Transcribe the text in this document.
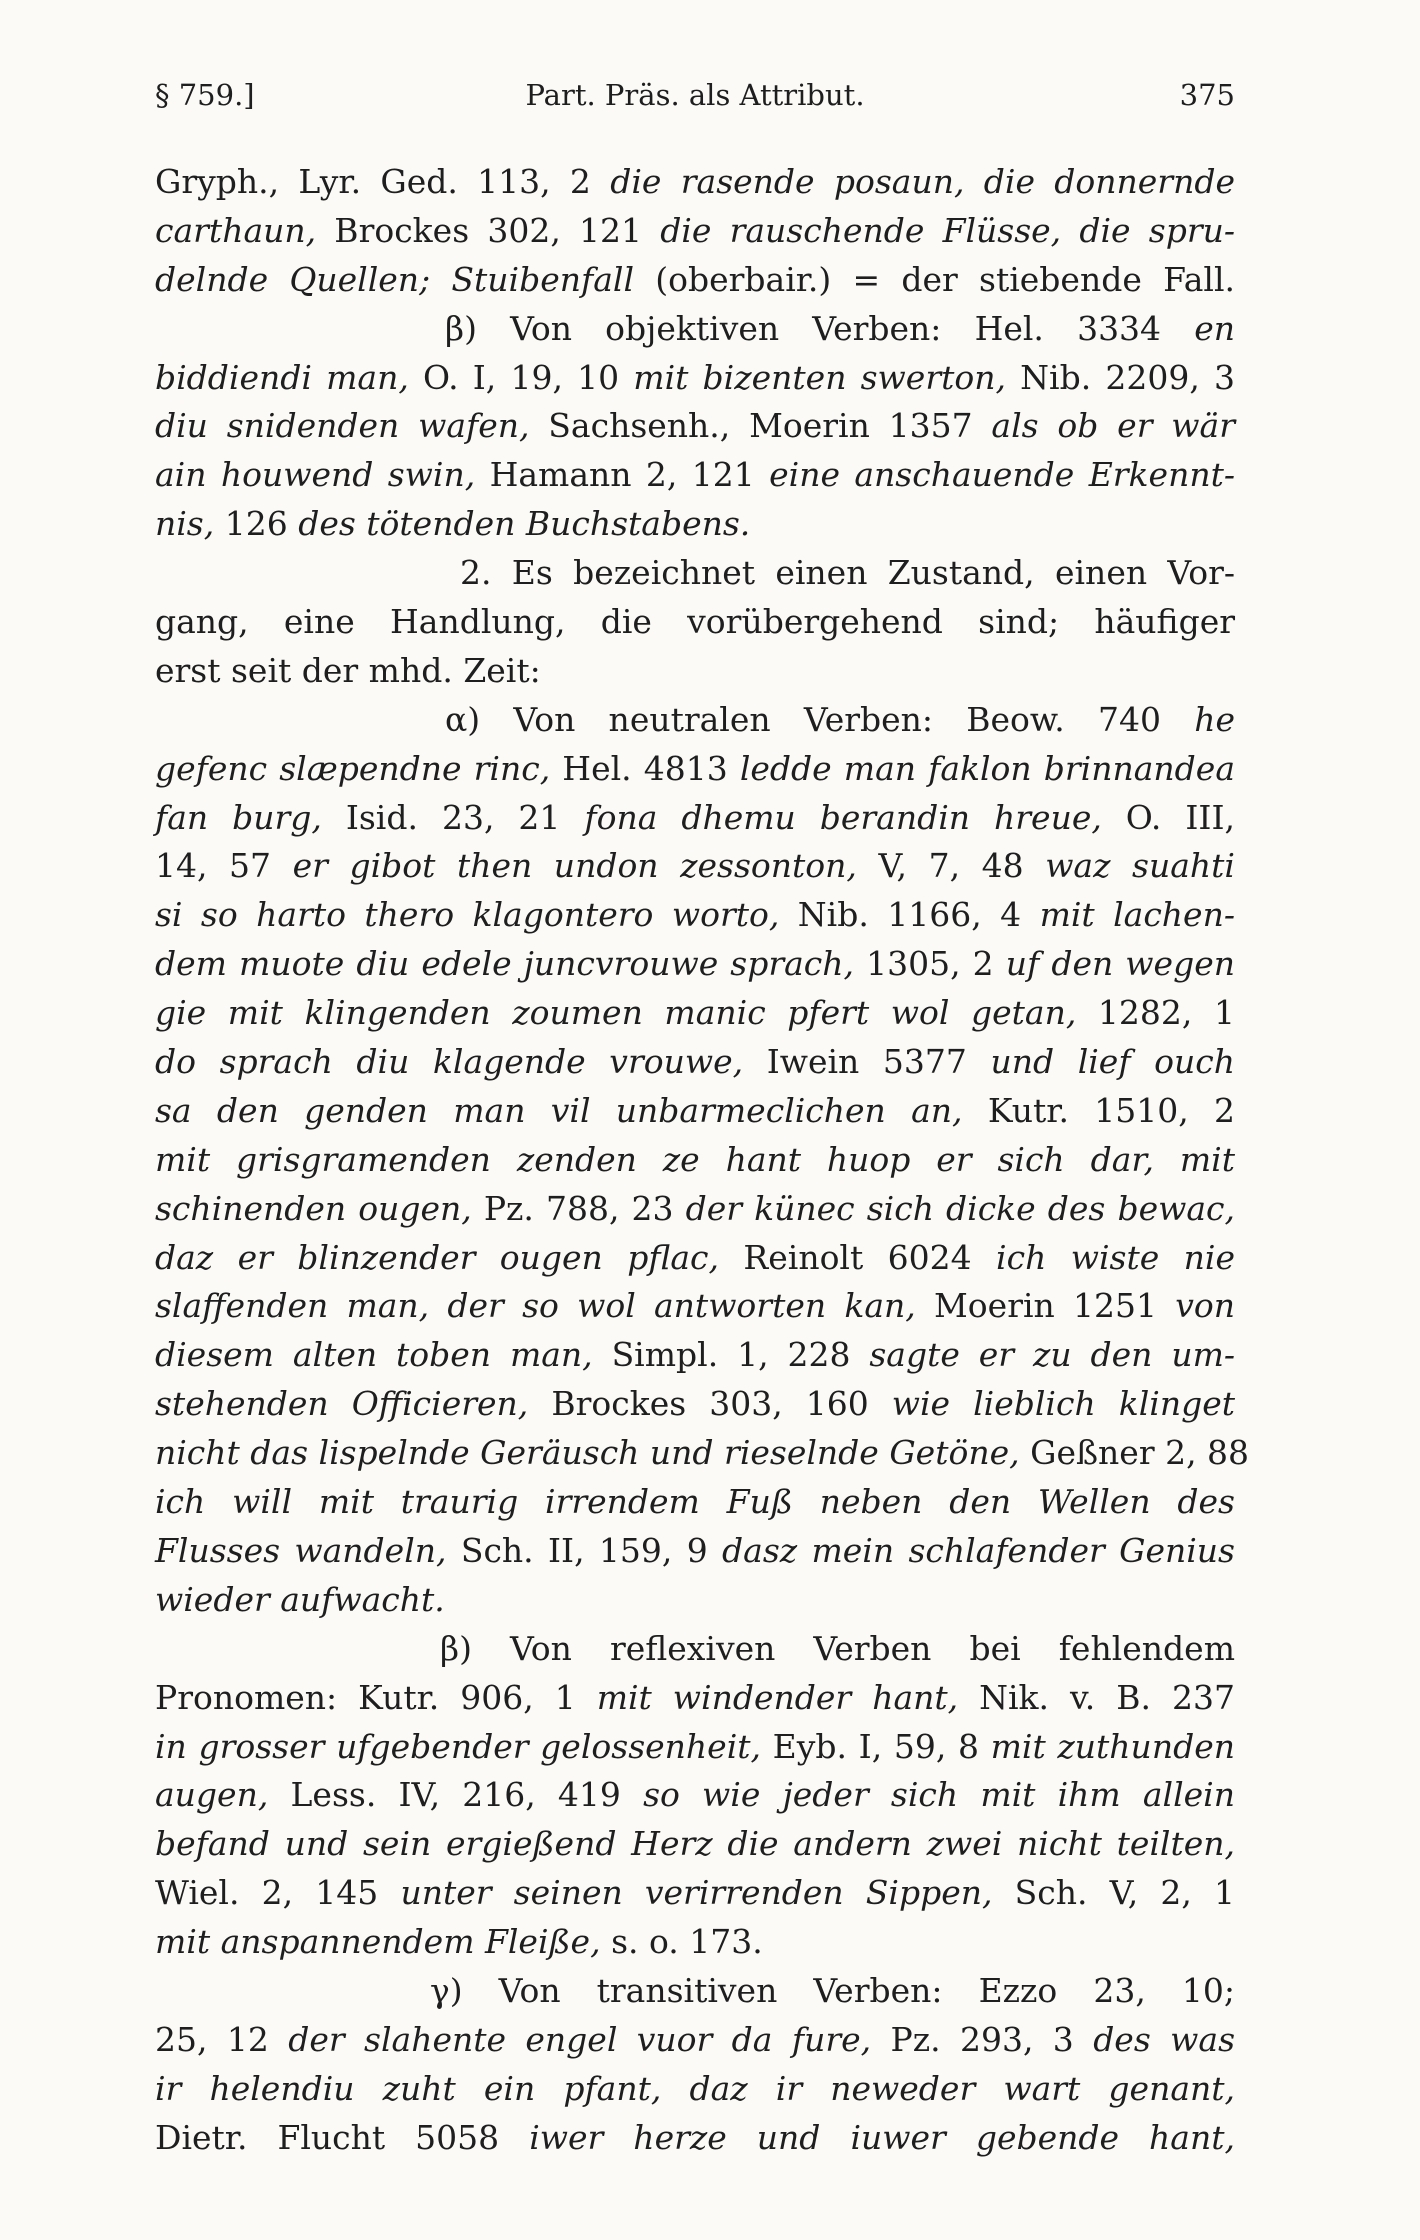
§ 759.]	Part. Präs. als Attribut.	375
Gryph., Lyr. Ged. 113, 2 die rasende posaun, die donnernde
carthaun, Brockes 302, 121 die rauschende Flüsse, die spru-
delnde Quellen; Stuibenfall (oberbair.) = der stiebende Fall.
β) Von objektiven Verben: Hel. 3334 en
biddiendi man, O. I, 19, 10 mit bizenten swerton, Nib. 2209, 3
diu snidenden wafen, Sachsenh., Moerin 1357 als ob er wär
ain houwend swin, Hamann 2, 121 eine anschauende Erkennt-
nis, 126 des tötenden Buchstabens.
2. Es bezeichnet einen Zustand, einen Vor-
gang, eine Handlung, die vorübergehend sind; häufiger
erst seit der mhd. Zeit:
α) Von neutralen Verben: Beow. 740 he
gefenc slæpendne rinc, Hel. 4813 ledde man faklon brinnandea
fan burg, Isid. 23, 21 fona dhemu berandin hreue, O. III,
14, 57 er gibot then undon zessonton, V, 7, 48 waz suahti
si so harto thero klagontero worto, Nib. 1166, 4 mit lachen-
dem muote diu edele juncvrouwe sprach, 1305, 2 uf den wegen
gie mit klingenden zoumen manic pfert wol getan, 1282, 1
do sprach diu klagende vrouwe, Iwein 5377 und lief ouch
sa den genden man vil unbarmeclichen an, Kutr. 1510, 2
mit grisgramenden zenden ze hant huop er sich dar, mit
schinenden ougen, Pz. 788, 23 der künec sich dicke des bewac,
daz er blinzender ougen pflac, Reinolt 6024 ich wiste nie
slaffenden man, der so wol antworten kan, Moerin 1251 von
diesem alten toben man, Simpl. 1, 228 sagte er zu den um-
stehenden Officieren, Brockes 303, 160 wie lieblich klinget
nicht das lispelnde Geräusch und rieselnde Getöne, Geßner 2, 88
ich will mit traurig irrendem Fuß neben den Wellen des
Flusses wandeln, Sch. II, 159, 9 dasz mein schlafender Genius
wieder aufwacht.
β) Von reflexiven Verben bei fehlendem
Pronomen: Kutr. 906, 1 mit windender hant, Nik. v. B. 237
in grosser ufgebender gelossenheit, Eyb. I, 59, 8 mit zuthunden
augen, Less. IV, 216, 419 so wie jeder sich mit ihm allein
befand und sein ergießend Herz die andern zwei nicht teilten,
Wiel. 2, 145 unter seinen verirrenden Sippen, Sch. V, 2, 1
mit anspannendem Fleiße, s. o. 173.
γ) Von transitiven Verben: Ezzo 23, 10;
25, 12 der slahente engel vuor da fure, Pz. 293, 3 des was
ir helendiu zuht ein pfant, daz ir neweder wart genant,
Dietr. Flucht 5058 iwer herze und iuwer gebende hant,
